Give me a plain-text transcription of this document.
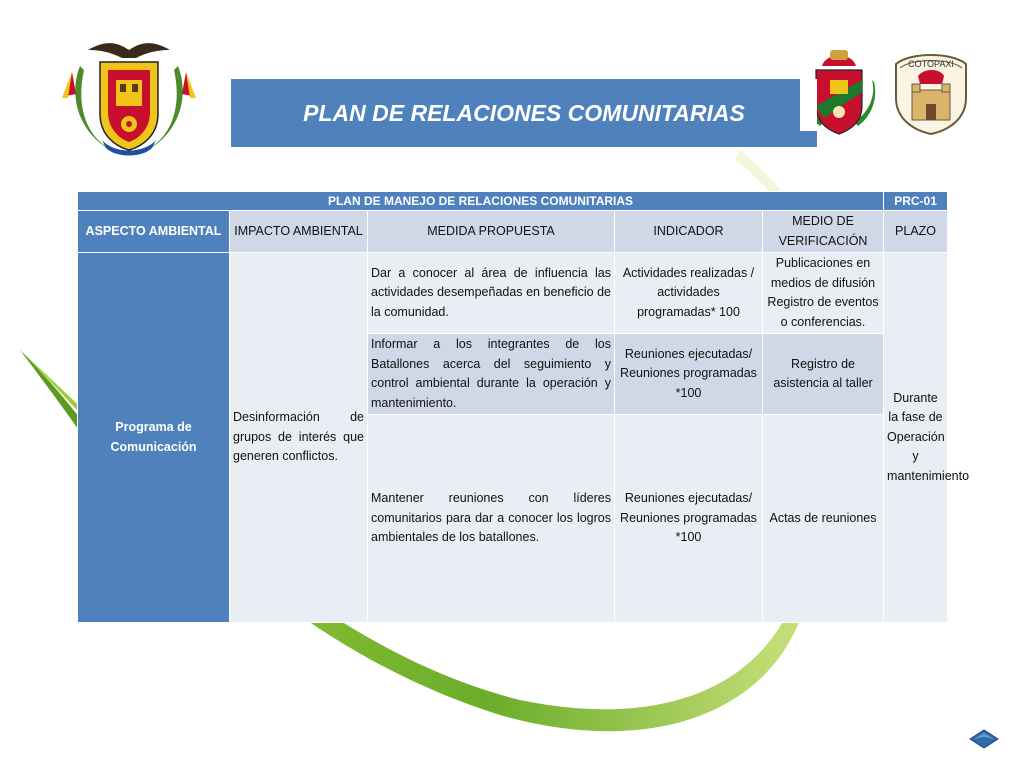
COTOPAXI
PLAN DE RELACIONES COMUNITARIAS
PLAN DE MANEJO DE RELACIONES COMUNITARIAS					PRC-01
ASPECTO AMBIENTAL	IMPACTO AMBIENTAL	MEDIDA PROPUESTA	INDICADOR	MEDIO DE VERIFICACIÓN	PLAZO
Programa de Comunicación	Desinformación de grupos de interés que generen conflictos.	Dar a conocer al área de influencia las actividades desempeñadas en beneficio de la comunidad.	Actividades realizadas / actividades programadas* 100	Publicaciones en medios de difusión Registro de eventos o conferencias.	Durante la fase de Operación y mantenimiento
		Informar a los integrantes de los Batallones acerca del seguimiento y control ambiental durante la operación y mantenimiento.	Reuniones ejecutadas/ Reuniones programadas *100	Registro de asistencia al taller	
		Mantener reuniones con líderes comunitarios para dar a conocer los logros ambientales de los batallones.	Reuniones ejecutadas/ Reuniones programadas *100	Actas de reuniones	
